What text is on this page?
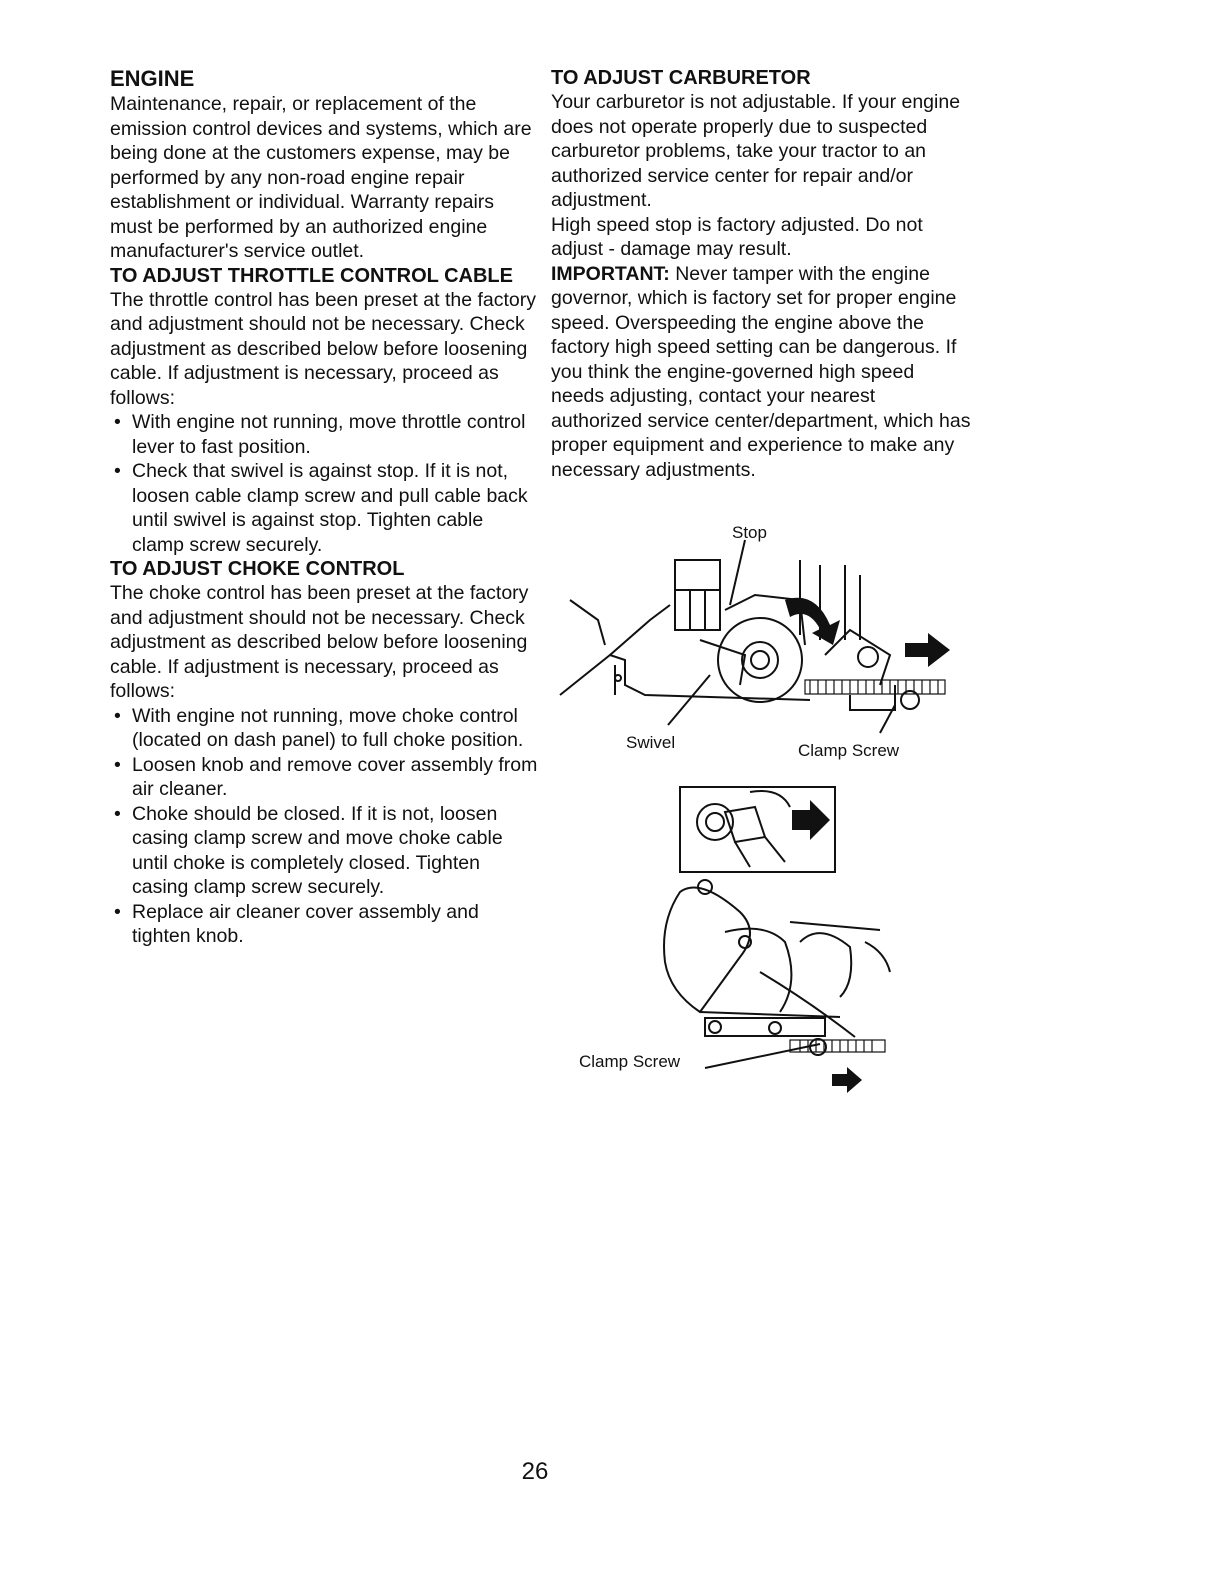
ENGINE

Maintenance, repair, or replacement of the emission control devices and systems, which are being done at the customers expense, may be performed by any non-road engine repair establishment or individual. Warranty repairs must be performed by an authorized engine manufacturer's service outlet.

TO ADJUST THROTTLE CONTROL CABLE

The throttle control has been preset at the factory and adjustment should not be necessary. Check adjustment as described below before loosening cable. If adjustment is necessary, proceed as follows:

• With engine not running, move throttle control lever to fast position.
• Check that swivel is against stop. If it is not, loosen cable clamp screw and pull cable back until swivel is against stop. Tighten cable clamp screw securely.
TO ADJUST CHOKE CONTROL

The choke control has been preset at the factory and adjustment should not be necessary. Check adjustment as described below before loosening cable. If adjustment is necessary, proceed as follows:

• With engine not running, move choke control (located on dash panel) to full choke position.
• Loosen knob and remove cover assembly from air cleaner.
• Choke should be closed. If it is not, loosen casing clamp screw and move choke cable until choke is completely closed. Tighten casing clamp screw securely.
• Replace air cleaner cover assembly and tighten knob.
TO ADJUST CARBURETOR

Your carburetor is not adjustable. If your engine does not operate properly due to suspected carburetor problems, take your tractor to an authorized service center for repair and/or adjustment.

High speed stop is factory adjusted. Do not adjust - damage may result.

IMPORTANT: Never tamper with the engine governor, which is factory set for proper engine speed. Overspeeding the engine above the factory high speed setting can be dangerous. If you think the engine-governed high speed needs adjusting, contact your nearest authorized service center/department, which has proper equipment and experience to make any necessary adjustments.

Stop
Swivel	Clamp Screw
Clamp Screw
26
